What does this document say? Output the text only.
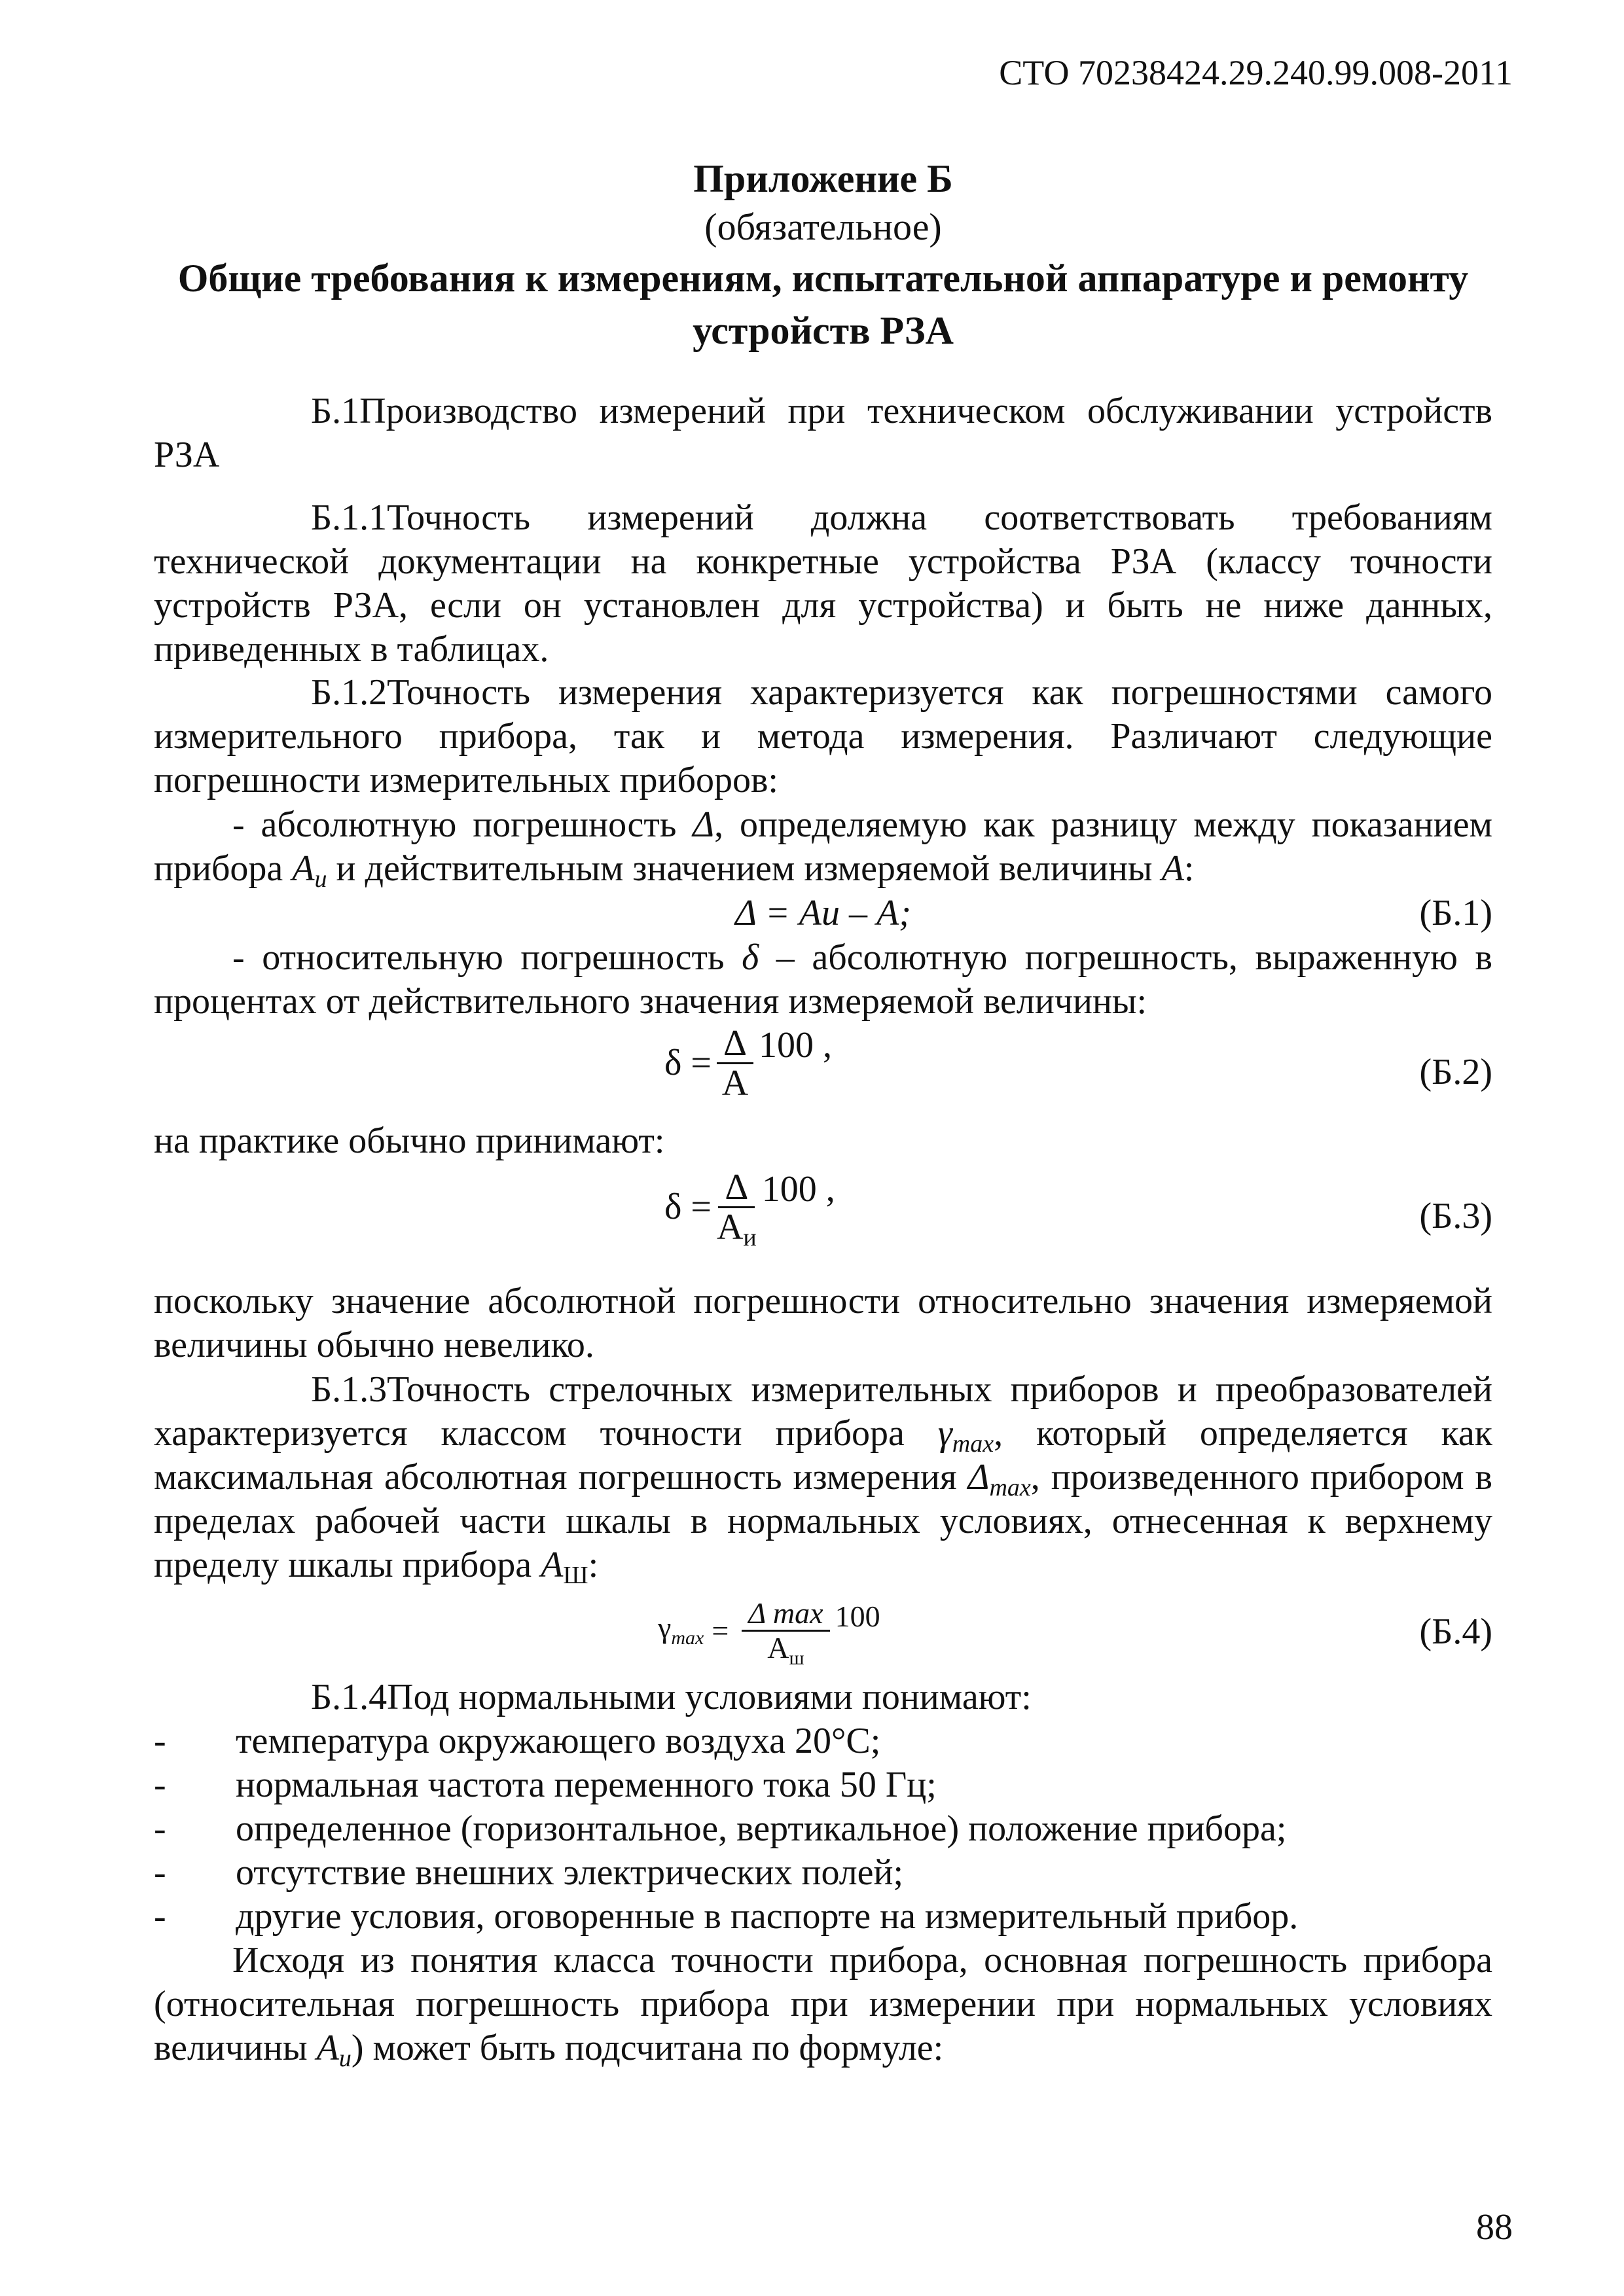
СТО 70238424.29.240.99.008-2011
Приложение Б
(обязательное)
Общие требования к измерениям, испытательной аппаратуре и ремонту устройств РЗА
Б.1Производство измерений при техническом обслуживании устройств РЗА
Б.1.1Точность измерений должна соответствовать требованиям технической документации на конкретные устройства РЗА (классу точности устройств РЗА, если он установлен для устройства) и быть не ниже данных, приведенных в таблицах.
Б.1.2Точность измерения характеризуется как погрешностями самого измерительного прибора, так и метода измерения. Различают следующие погрешности измерительных приборов:
- абсолютную погрешность Δ, определяемую как разницу между показанием прибора $A_и$ и действительным значением измеряемой величины A:
Δ = Aи – A;	(Б.1)
- относительную погрешность δ – абсолютную погрешность, выраженную в процентах от действительного значения измеряемой величины:
$\delta = \frac{\Delta}{A} 100$ ,
(Б.2)
на практике обычно принимают:
$\delta = \frac{\Delta}{A_и} 100$ ,
(Б.3)
поскольку значение абсолютной погрешности относительно значения измеряемой величины обычно невелико.
Б.1.3Точность стрелочных измерительных приборов и преобразователей характеризуется классом точности прибора $\gamma_{max}$, который определяется как максимальная абсолютная погрешность измерения $\Delta_{max}$, произведенного прибором в пределах рабочей части шкалы в нормальных условиях, отнесенная к верхнему пределу шкалы прибора $A_Ш$:
$\gamma_{max} = \frac{\text{Δ max}}{A_ш} 100$	(Б.4)
Б.1.4Под нормальными условиями понимают:
- температура окружающего воздуха 20°С;
- нормальная частота переменного тока 50 Гц;
- определенное (горизонтальное, вертикальное) положение прибора;
- отсутствие внешних электрических полей;
- другие условия, оговоренные в паспорте на измерительный прибор.
Исходя из понятия класса точности прибора, основная погрешность прибора (относительная погрешность прибора при измерении при нормальных условиях величины $A_и$) может быть подсчитана по формуле:
88
